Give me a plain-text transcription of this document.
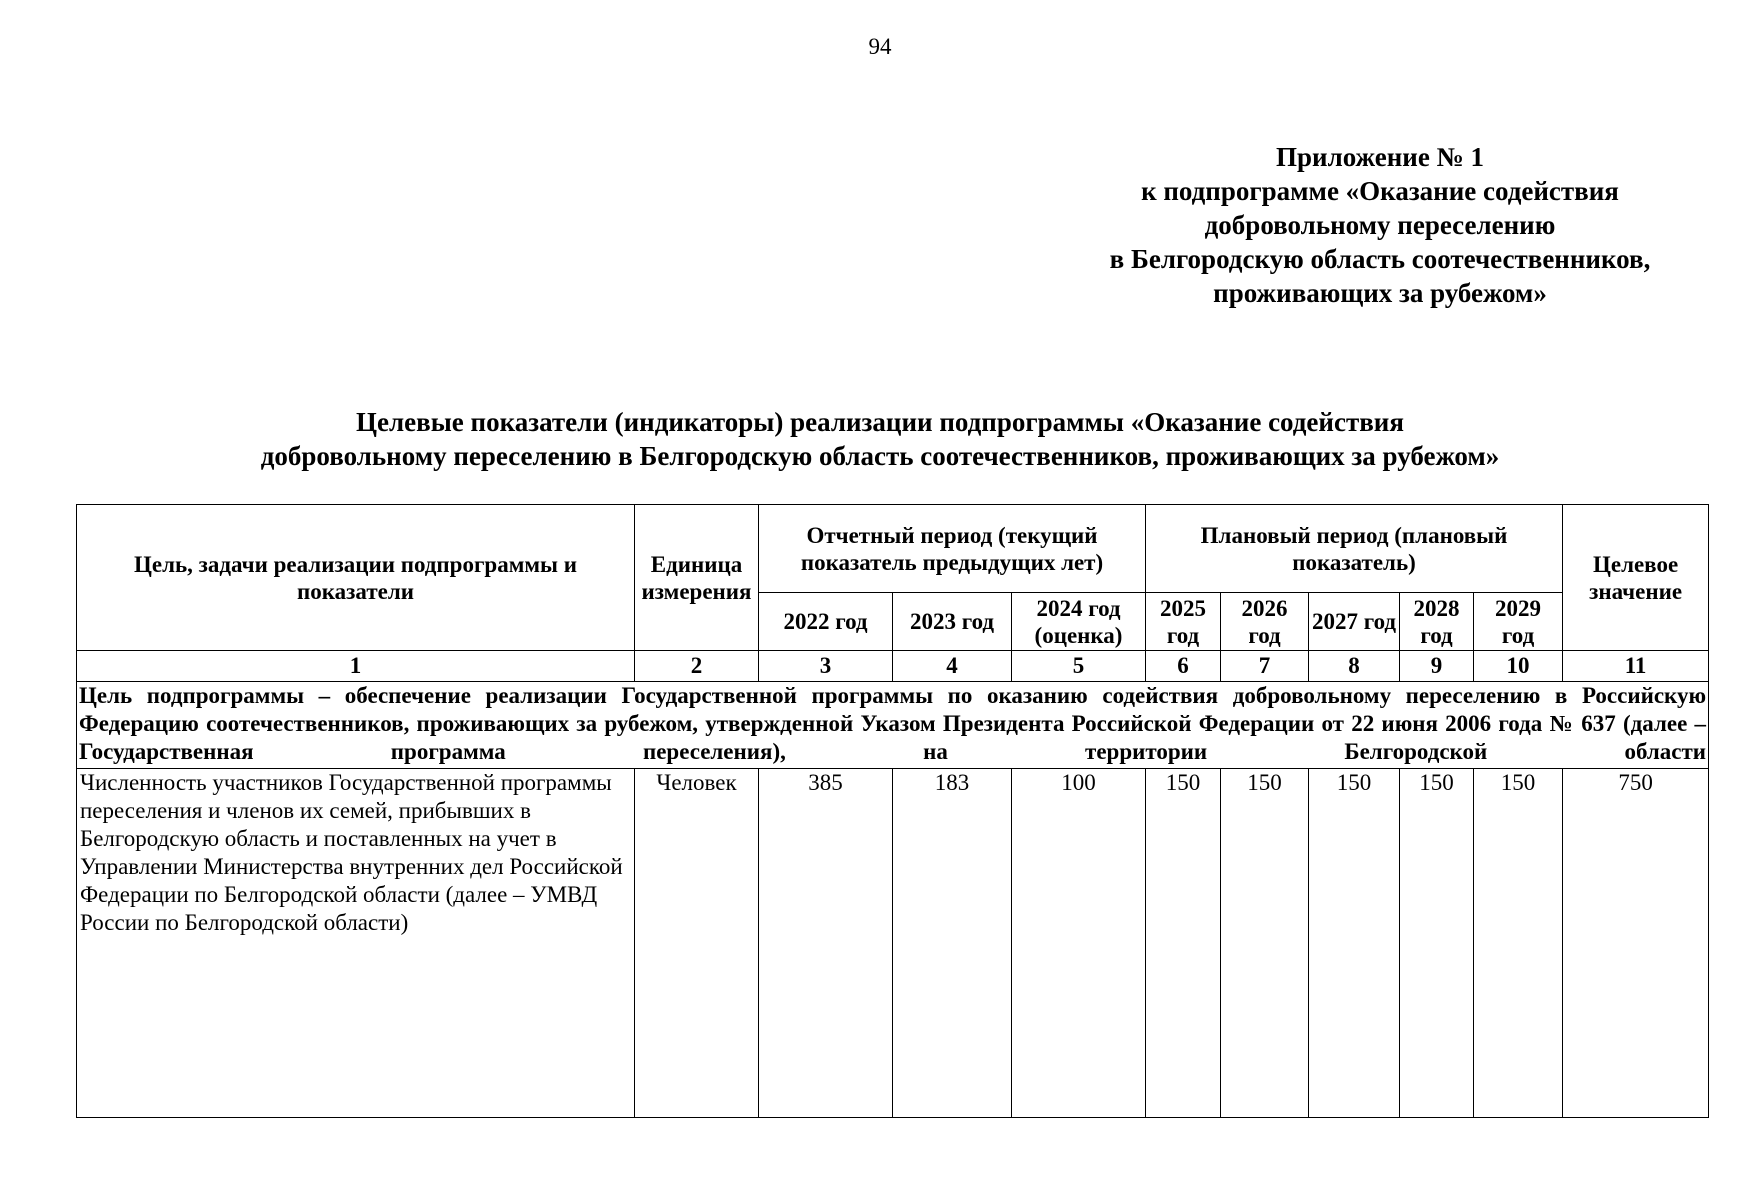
94
Приложение № 1
к подпрограмме «Оказание содействия
добровольному переселению
в Белгородскую область соотечественников,
проживающих за рубежом»
Целевые показатели (индикаторы) реализации подпрограммы «Оказание содействия
добровольному переселению в Белгородскую область соотечественников, проживающих за рубежом»
Цель, задачи реализации подпрограммы и показатели	Единица измерения	Отчетный период (текущий показатель предыдущих лет)			Плановый период (плановый показатель)					Целевое значение
		2022 год	2023 год	2024 год (оценка)	2025 год	2026 год	2027 год	2028 год	2029 год	
1	2	3	4	5	6	7	8	9	10	11
Цель подпрограммы – обеспечение реализации Государственной программы по оказанию содействия добровольному переселению в Российскую Федерацию соотечественников, проживающих за рубежом, утвержденной Указом Президента Российской Федерации от 22 июня 2006 года № 637 (далее – Государственная программа переселения), на территории Белгородской области										
Численность участников Государственной программы переселения и членов их семей, прибывших в Белгородскую область и поставленных на учет в Управлении Министерства внутренних дел Российской Федерации по Белгородской области (далее – УМВД России по Белгородской области)	Человек	385	183	100	150	150	150	150	150	750
